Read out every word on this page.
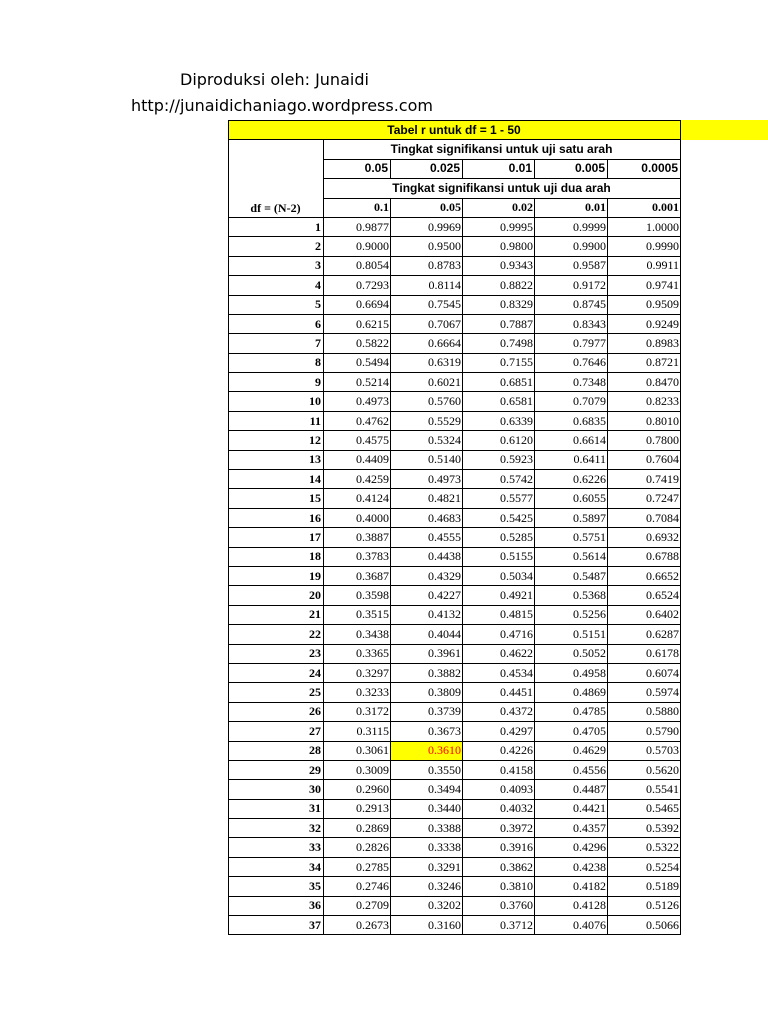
Diproduksi oleh: Junaidi
http://junaidichaniago.wordpress.com
Tabel r untuk df = 1 - 50					
	Tingkat signifikansi untuk uji satu arah				
	0.05	0.025	0.01	0.005	0.0005
	Tingkat signifikansi untuk uji dua arah				
df = (N-2)	0.1	0.05	0.02	0.01	0.001
1	0.9877	0.9969	0.9995	0.9999	1.0000
2	0.9000	0.9500	0.9800	0.9900	0.9990
3	0.8054	0.8783	0.9343	0.9587	0.9911
4	0.7293	0.8114	0.8822	0.9172	0.9741
5	0.6694	0.7545	0.8329	0.8745	0.9509
6	0.6215	0.7067	0.7887	0.8343	0.9249
7	0.5822	0.6664	0.7498	0.7977	0.8983
8	0.5494	0.6319	0.7155	0.7646	0.8721
9	0.5214	0.6021	0.6851	0.7348	0.8470
10	0.4973	0.5760	0.6581	0.7079	0.8233
11	0.4762	0.5529	0.6339	0.6835	0.8010
12	0.4575	0.5324	0.6120	0.6614	0.7800
13	0.4409	0.5140	0.5923	0.6411	0.7604
14	0.4259	0.4973	0.5742	0.6226	0.7419
15	0.4124	0.4821	0.5577	0.6055	0.7247
16	0.4000	0.4683	0.5425	0.5897	0.7084
17	0.3887	0.4555	0.5285	0.5751	0.6932
18	0.3783	0.4438	0.5155	0.5614	0.6788
19	0.3687	0.4329	0.5034	0.5487	0.6652
20	0.3598	0.4227	0.4921	0.5368	0.6524
21	0.3515	0.4132	0.4815	0.5256	0.6402
22	0.3438	0.4044	0.4716	0.5151	0.6287
23	0.3365	0.3961	0.4622	0.5052	0.6178
24	0.3297	0.3882	0.4534	0.4958	0.6074
25	0.3233	0.3809	0.4451	0.4869	0.5974
26	0.3172	0.3739	0.4372	0.4785	0.5880
27	0.3115	0.3673	0.4297	0.4705	0.5790
28	0.3061	0.3610	0.4226	0.4629	0.5703
29	0.3009	0.3550	0.4158	0.4556	0.5620
30	0.2960	0.3494	0.4093	0.4487	0.5541
31	0.2913	0.3440	0.4032	0.4421	0.5465
32	0.2869	0.3388	0.3972	0.4357	0.5392
33	0.2826	0.3338	0.3916	0.4296	0.5322
34	0.2785	0.3291	0.3862	0.4238	0.5254
35	0.2746	0.3246	0.3810	0.4182	0.5189
36	0.2709	0.3202	0.3760	0.4128	0.5126
37	0.2673	0.3160	0.3712	0.4076	0.5066
